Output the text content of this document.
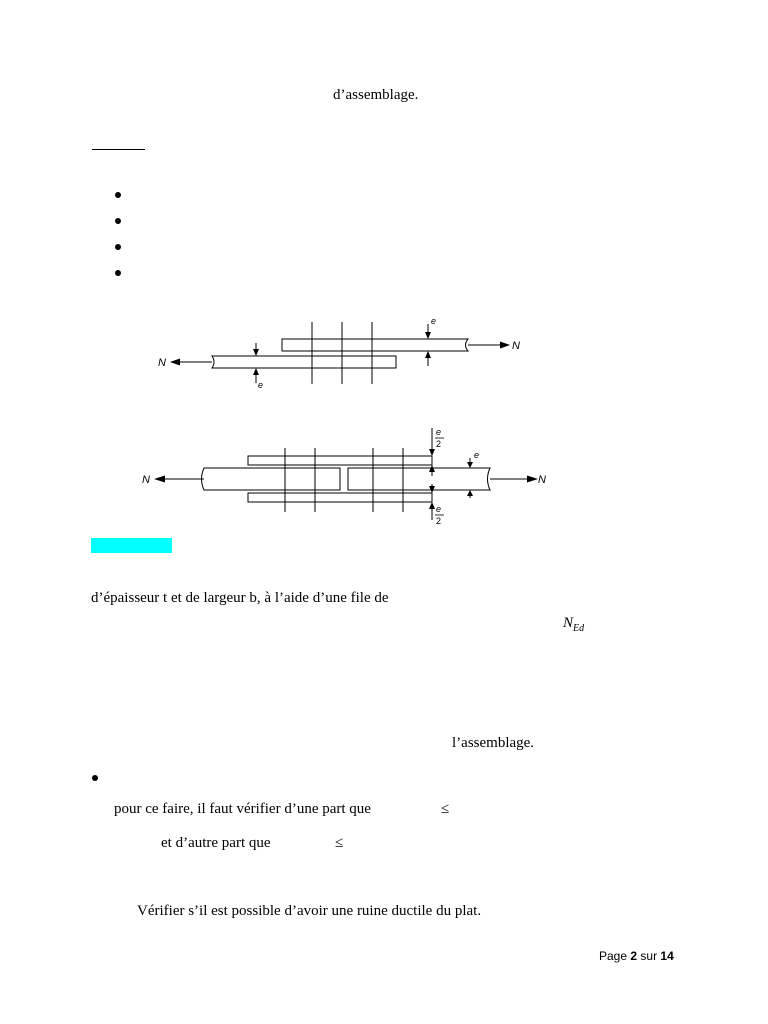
d’assemblage.
e
e
N
N
e
2
e
e
2
N	N
d’épaisseur t et de largeur b, à l’aide d’une file de
$N_{Ed}$
l’assemblage.
pour ce faire, il faut vérifier d’une part que	≤
et d’autre part que	≤
Vérifier s’il est possible d’avoir une ruine ductile du plat.
Page 2 sur 14
